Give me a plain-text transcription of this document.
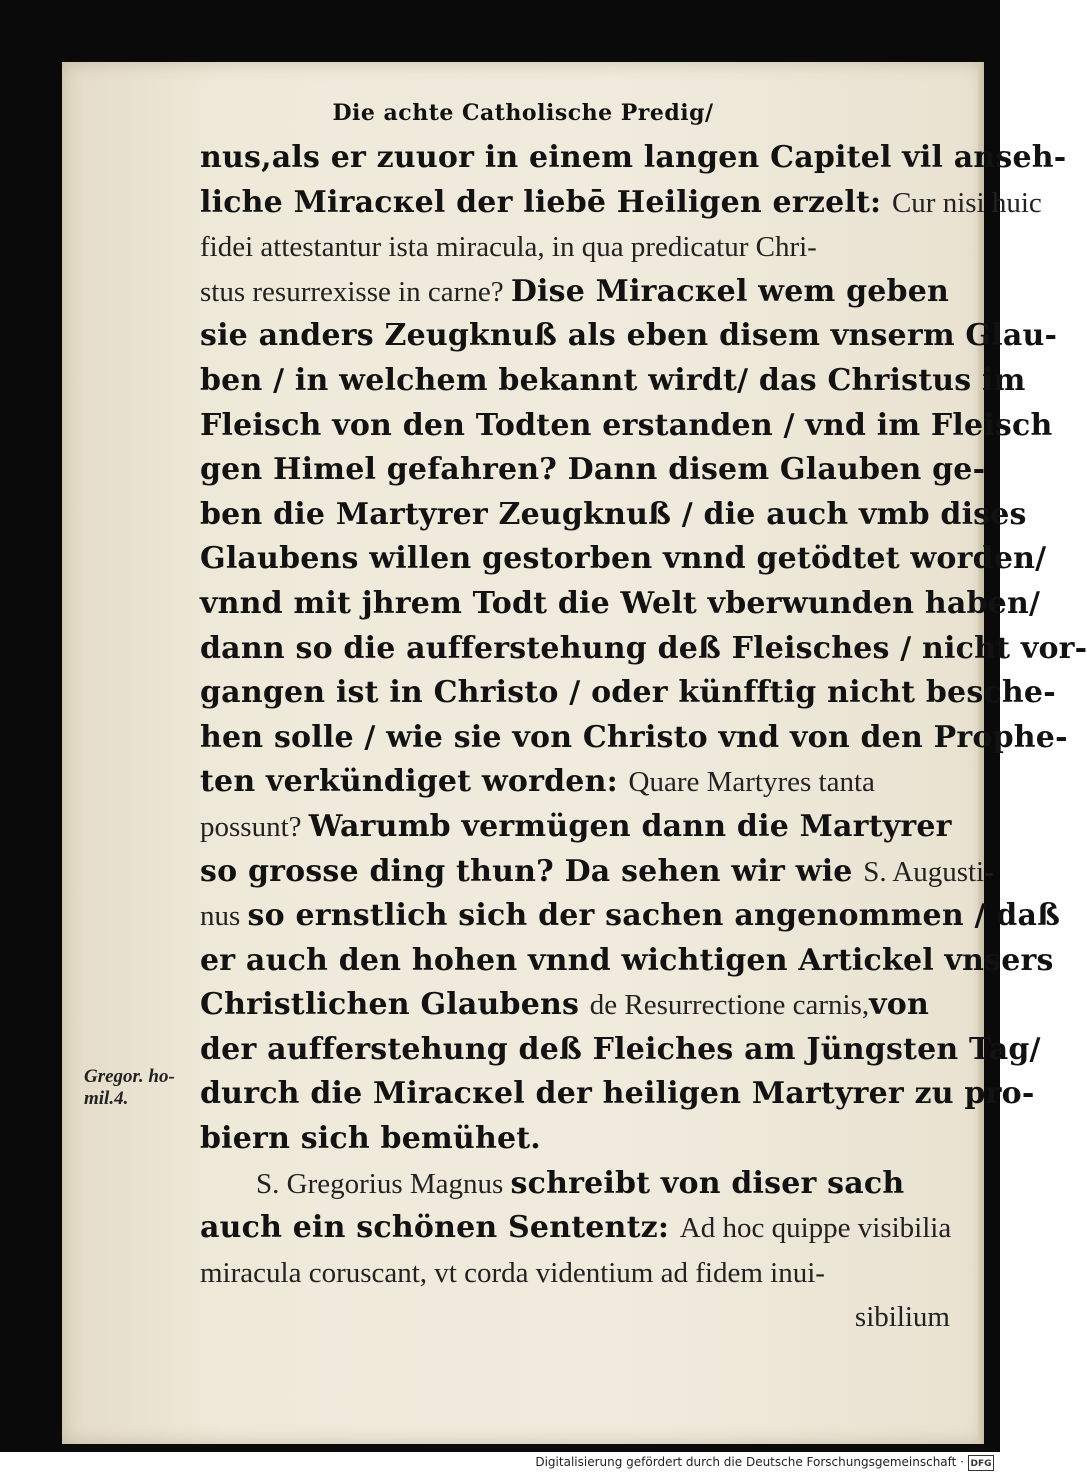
Die achte Catholische Predig/
nus,als er zuuor in einem langen Capitel vil anseh-
liche Miracкel der liebē Heiligen erzelt: Cur nisi huic
fidei attestantur ista miracula, in qua predicatur Chri-
stus resurrexisse in carne? Dise Miracкel wem geben
sie anders Zeugknuß als eben disem vnserm Glau-
ben / in welchem bekannt wirdt/ das Christus im
Fleisch von den Todten erstanden / vnd im Fleisch
gen Himel gefahren? Dann disem Glauben ge-
ben die Martyrer Zeugknuß / die auch vmb dises
Glaubens willen gestorben vnnd getödtet worden/
vnnd mit jhrem Todt die Welt vberwunden haben/
dann so die aufferstehung deß Fleisches / nicht vor-
gangen ist in Christo / oder künfftig nicht besche-
hen solle / wie sie von Christo vnd von den Prophe-
ten verkündiget worden: Quare Martyres tanta
possunt? Warumb vermügen dann die Martyrer
so grosse ding thun? Da sehen wir wie S. Augusti-
nus so ernstlich sich der sachen angenommen / daß
er auch den hohen vnnd wichtigen Artickel vnsers
Christlichen Glaubens de Resurrectione carnis,von
der aufferstehung deß Fleiches am Jüngsten Tag/
durch die Miracкel der heiligen Martyrer zu pro-
biern sich bemühet.
S. Gregorius Magnus schreibt von diser sach
auch ein schönen Sententz: Ad hoc quippe visibilia
miracula coruscant, vt corda videntium ad fidem inui-
sibilium
Gregor. ho-
mil.4.
Digitalisierung gefördert durch die Deutsche Forschungsgemeinschaft · DFG
